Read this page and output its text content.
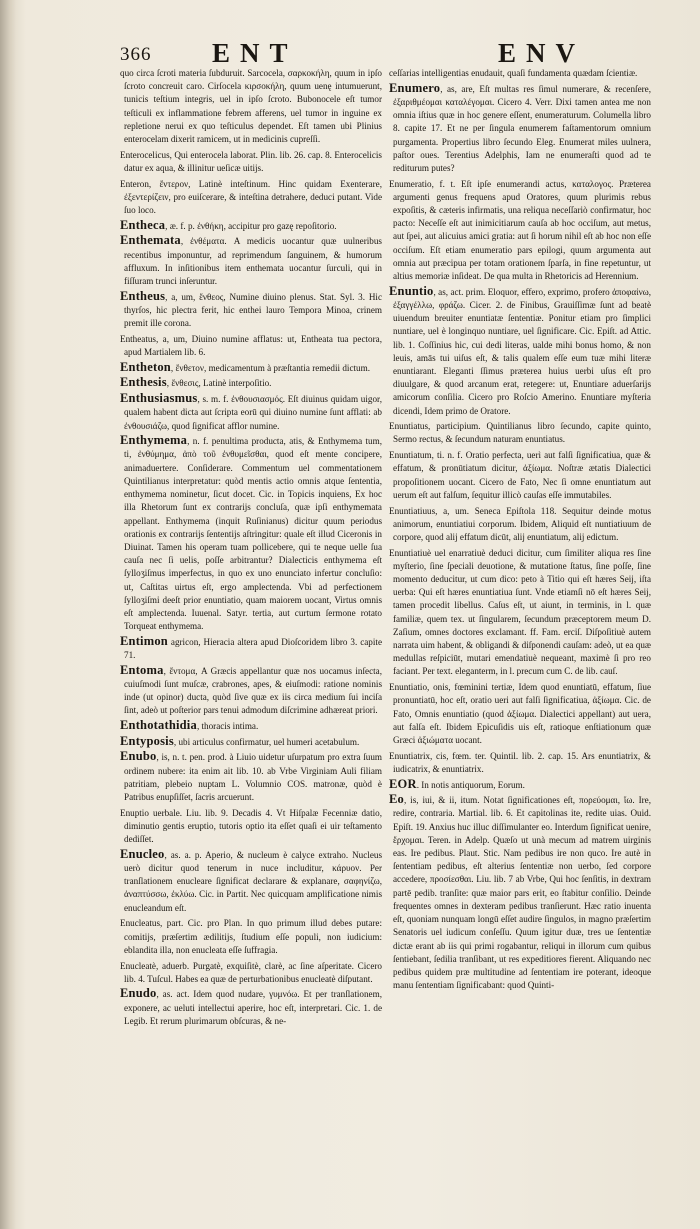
366 ENT	ENV

quo circa ſcroti materia ſubduruit. Sarcocela, σαρκοκήλη, quum in ipſo ſcroto concreuit caro. Cirſocela κιρσοκήλη, quum uenę intumuerunt, tunicis teſtium integris, uel in ipſo ſcroto. Bubonocele eſt tumor teſticuli ex inflammatione febrem afferens, uel tumor in inguine ex repletione nerui ex quo teſticulus dependet. Eſt tamen ubi Plinius enterocelam dixerit ramicem, ut in medicinis cupreſſi.

Enterocelicus, Qui enterocela laborat. Plin. lib. 26. cap. 8. Enterocelicis datur ex aqua, & illinitur ueſicæ uitijs.

Enteron, ἔντερον, Latinè inteſtinum. Hinc quidam Exenterare, ἐξεντερίζειν, pro euiſcerare, & inteſtina detrahere, deduci putant. Vide ſuo loco.

Entheca, æ. f. p. ἐνθήκη, accipitur pro gazę repoſitorio.

Enthemata, ἐνθέματα. A medicis uocantur quæ uulneribus recentibus imponuntur, ad reprimendum ſanguinem, & humorum affluxum. In inſitionibus item enthemata uocantur ſurculi, qui in fiſſuram trunci inſeruntur.

Entheus, a, um, ἔνθεος, Numine diuino plenus. Stat. Syl. 3. Hic thyrſos, hic plectra ferit, hic enthei lauro Tempora Minoa, crinem premit ille corona.

Entheatus, a, um, Diuino numine afflatus: ut, Entheata tua pectora, apud Martialem lib. 6.

Entheton, ἔνθετον, medicamentum à præſtantia remedii dictum.

Enthesis, ἔνθεσις, Latinè interpoſitio.

Enthusiasmus, s. m. f. ἐνθουσιασμός. Eſt diuinus quidam uigor, qualem habent dicta aut ſcripta eorū qui diuino numine ſunt afflati: ab ἐνθουσιάζω, quod ſignificat afflor numine.

Enthymema, n. f. penultima producta, atis, & Enthymema tum, ti, ἐνθύμημα, ἀπὸ τοῦ ἐνθυμεῖσθαι, quod eſt mente concipere, animaduertere. Conſiderare. Commentum uel commentationem Quintilianus interpretatur: quòd mentis actio omnis atque ſententia, enthymema nominetur, ſicut docet. Cic. in Topicis inquiens, Ex hoc illa Rhetorum ſunt ex contrarijs concluſa, quæ ipſi enthymemata appellant. Enthymema (inquit Ruſinianus) dicitur quum periodus orationis ex contrarijs ſententijs aſtringitur: quale eſt illud Ciceronis in Diuinat. Tamen his operam tuam pollicebere, qui te neque uelle ſua cauſa nec ſi uelis, poſſe arbitrantur? Dialecticis enthymema eſt ſylloʒiſmus imperfectus, in quo ex uno enunciato infertur concluſio: ut, Caſtitas uirtus eſt, ergo amplectenda. Vbi ad perfectionem ſylloʒiſmi deeſt prior enuntiatio, quam maiorem uocant, Virtus omnis eſt amplectenda. Iuuenal. Satyr. tertia, aut curtum ſermone rotato Torqueat enthymema.

Entimon agricon, Hieracia altera apud Dioſcoridem libro 3. capite 71.

Entoma, ἔντομα, A Græcis appellantur quæ nos uocamus inſecta, cuiuſmodi ſunt muſcæ, crabrones, apes, & eiuſmodi: ratione nominis inde (ut opinor) ducta, quòd ſive quæ ex iis circa medium ſui inciſa ſint, adeò ut poſterior pars tenui admodum diſcrimine adhæreat priori.

Enthotathidia, thoracis intima.

Entyposis, ubi articulus confirmatur, uel humeri acetabulum.

Enubo, is, n. t. pen. prod. à Liuio uidetur uſurpatum pro extra ſuum ordinem nubere: ita enim ait lib. 10. ab Vrbe Virginiam Auli filiam patritiam, plebeio nuptam L. Volumnio COS. matronæ, quòd è Patribus enupſiſſet, ſacris arcuerunt.

Enuptio uerbale. Liu. lib. 9. Decadis 4. Vt Hiſpalæ Fecenniæ datio, diminutio gentis eruptio, tutoris optio ita eſſet quaſi ei uir teſtamento dediſſet.

Enucleo, as. a. p. Aperio, & nucleum è calyce extraho. Nucleus uerò dicitur quod tenerum in nuce includitur, κάρυον. Per tranſlationem enucleare ſignificat declarare & explanare, σαφηνίζω, ἀναπτύσσω, ἐκλύω. Cic. in Partit. Nec quicquam amplificatione nimis enucleandum eſt.

Enucleatus, part. Cic. pro Plan. In quo primum illud debes putare: comitijs, præſertim ædilitijs, ſtudium eſſe populi, non iudicium: eblandita illa, non enucleata eſſe ſuffragia.

Enucleatè, aduerb. Purgatè, exquiſitè, clarè, ac ſine aſperitate. Cicero lib. 4. Tuſcul. Habes ea quæ de perturbationibus enucleatè diſputant.

Enudo, as. act. Idem quod nudare, γυμνόω. Et per tranſlationem, exponere, ac ueluti intellectui aperire, hoc eſt, interpretari. Cic. 1. de Legib. Et rerum plurimarum obſcuras, & ne-

ceſſarias intelligentias enudauit, quaſi fundamenta quædam ſcientiæ.

Enumero, as, are, Eſt multas res ſimul numerare, & recenſere, ἐξαριθμέομαι καταλέγομαι. Cicero 4. Verr. Dixi tamen antea me non omnia iſtius quæ in hoc genere eſſent, enumeraturum. Columella libro 8. capite 17. Et ne per ſingula enumerem faſtamentorum omnium purgamenta. Propertius libro ſecundo Eleg. Enumerat miles uulnera, paſtor oues. Terentius Adelphis, Iam ne enumeraſti quod ad te rediturum putes?

Enumeratio, f. t. Eſt ipſe enumerandi actus, καταλογος. Præterea argumenti genus frequens apud Oratores, quum plurimis rebus expoſitis, & cæteris infirmatis, una reliqua neceſſariò confirmatur, hoc pacto: Neceſſe eſt aut inimicitiarum cauſa ab hoc occiſum, aut metus, aut ſpei, aut alicuius amici gratia: aut ſi horum nihil eſt ab hoc non eſſe occiſum. Eſt etiam enumeratio pars epilogi, quum argumenta aut omnia aut præcipua per totam orationem ſparſa, in fine repetuntur, ut altius memoriæ inſideat. De qua multa in Rhetoricis ad Herennium.

Enuntio, as, act. prim. Eloquor, effero, exprimo, profero ἀποφαίνω, ἐξαγγέλλω, φράζω. Cicer. 2. de Finibus, Grauiſſimæ ſunt ad beatè uiuendum breuiter enuntiatæ ſententiæ. Ponitur etiam pro ſimplici nuntiare, uel è longinquo nuntiare, uel ſignificare. Cic. Epiſt. ad Attic. lib. 1. Coſſinius hic, cui dedi literas, ualde mihi bonus homo, & non leuis, amās tui uiſus eſt, & talis qualem eſſe eum tuæ mihi literæ enuntiarant. Eleganti ſſimus præterea huius uerbi uſus eſt pro diuulgare, & quod arcanum erat, retegere: ut, Enuntiare aduerſarijs amicorum conſilia. Cicero pro Roſcio Amerino. Enuntiare myſteria dicendi, Idem primo de Oratore.

Enuntiatus, participium. Quintilianus libro ſecundo, capite quinto, Sermo rectus, & ſecundum naturam enuntiatus.

Enuntiatum, ti. n. f. Oratio perfecta, uerì aut falſi ſignificatiua, quæ & effatum, & pronūtiatum dicitur, ἀξίωμα. Noſtræ ætatis Dialectici propoſitionem uocant. Cicero de Fato, Nec ſi omne enuntiatum aut uerum eſt aut falſum, ſequitur illicò cauſas eſſe immutabiles.

Enuntiatiuus, a, um. Seneca Epiſtola 118. Sequitur deinde motus animorum, enuntiatiui corporum. Ibidem, Aliquid eſt nuntiatiuum de corpore, quod alij effatum dicūt, alij enuntiatum, alij edictum.

Enuntiatiuè uel enarratiuè deduci dicitur, cum ſimiliter aliqua res ſine myſterio, ſine ſpeciali deuotione, & mutatione ſtatus, ſine poſſe, ſine momento deducitur, ut cum dico: peto à Titio qui eſt hæres Seij, iſta uerba: Qui eſt hæres enuntiatiua ſunt. Vnde etiamſi nō eſt hæres Seij, tamen procedit libellus. Caſus eſt, ut aiunt, in terminis, in l. quæ familiæ, quem tex. ut ſingularem, ſecundum præceptorem meum D. Zaſium, omnes doctores exclamant. ff. Fam. erciſ. Diſpoſitiuè autem narrata uim habent, & obligandi & diſponendi cauſam: adeò, ut ea quæ medullas reſpiciūt, mutari emendatiuè nequeant, maximè ſi pro reo faciant. Per text. eleganterm, in l. precum cum C. de lib. cauſ.

Enuntiatio, onis, fœminini tertiæ, Idem quod enuntiatū, effatum, ſiue pronuntiatū, hoc eſt, oratio ueri aut falſi ſignificatiua, ἀξίωμα. Cic. de Fato, Omnis enuntiatio (quod ἀξίωμα. Dialectici appellant) aut uera, aut falſa eſt. Ibidem Epicuſidis uis eſt, ratioque enſtiationum quæ Græci ἀξιώματα uocant.

Enuntiatrix, cis, fœm. ter. Quintil. lib. 2. cap. 15. Ars enuntiatrix, & iudicatrix, & enuntiatrix.

EOR. In notis antiquorum, Eorum.

Eo, is, iui, & ii, itum. Notat ſignificationes eſt, πορεύομαι, ἴω. Ire, redire, contraria. Martial. lib. 6. Et capitolinas ite, redite uias. Ouid. Epiſt. 19. Anxius huc illuc diſſimulanter eo. Interdum ſignificat uenire, ἔρχομαι. Teren. in Adelp. Quæſo ut unà mecum ad matrem uirginis eas. Ire pedibus. Plaut. Stic. Nam pedibus ire non quco. Ire autè in ſententiam pedibus, eſt alterius ſententiæ non uerbo, ſed corpore accedere, προσίεσθαι. Liu. lib. 7 ab Vrbe, Qui hoc ſenſitis, in dextram partē pedib. tranſite: quæ maior pars erit, eo ſtabitur conſilio. Deinde frequentes omnes in dexteram pedibus tranſierunt. Hæc ratio inuenta eſt, quoniam nunquam longū eſſet audire ſingulos, in magno præſertim Senatoris uel iudicum conſeſſu. Quum igitur duæ, tres ue ſententiæ dictæ erant ab iis qui primi rogabantur, reliqui in illorum cum quibus ſentiebant, ſedilia tranſibant, ut res expeditiores fierent. Aliquando nec pedibus quidem præ multitudine ad ſententiam ire poterant, ideoque manu ſententiam ſignificabant: quod Quinti-
